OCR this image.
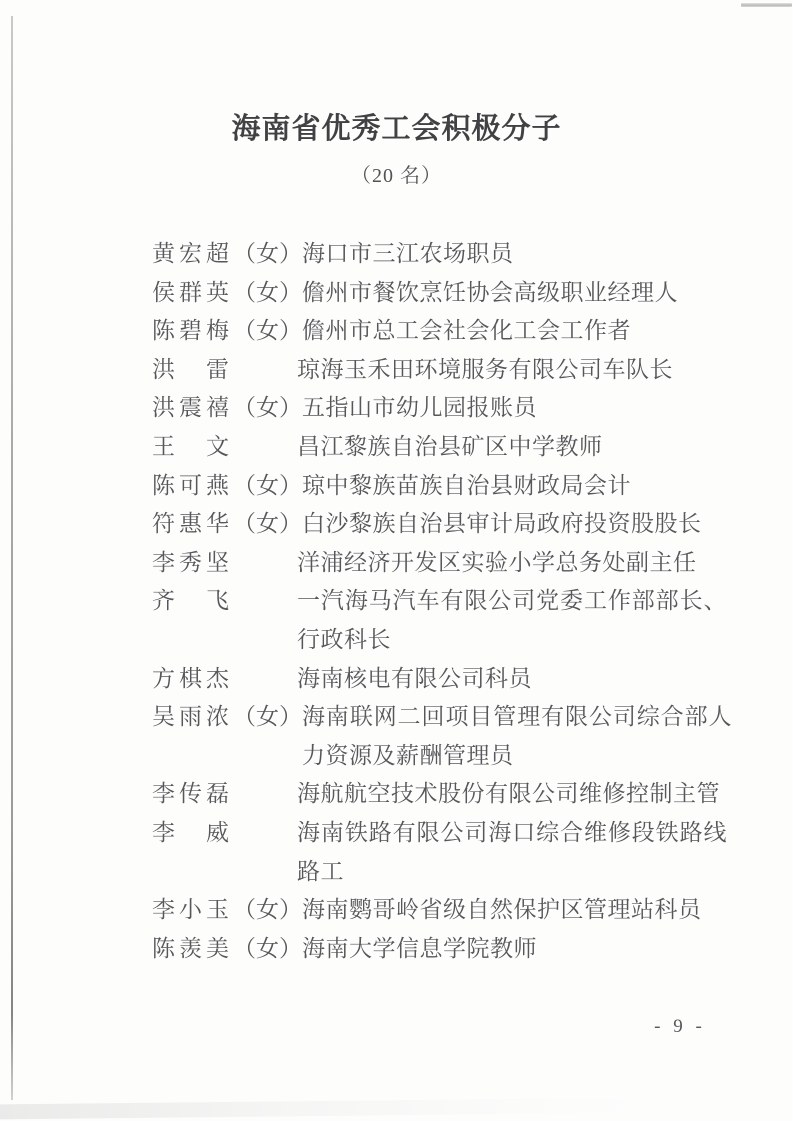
海南省优秀工会积极分子
（20 名）
黄宏超（女） 海口市三江农场职员
侯群英（女） 儋州市餐饮烹饪协会高级职业经理人
陈碧梅（女） 儋州市总工会社会化工会工作者
洪　雷	琼海玉禾田环境服务有限公司车队长
洪震禧（女） 五指山市幼儿园报账员
王　文	昌江黎族自治县矿区中学教师
陈可燕（女） 琼中黎族苗族自治县财政局会计
符惠华（女） 白沙黎族自治县审计局政府投资股股长
李秀坚	洋浦经济开发区实验小学总务处副主任
齐　飞	一汽海马汽车有限公司党委工作部部长、行政科长
方棋杰	海南核电有限公司科员
吴雨浓（女） 海南联网二回项目管理有限公司综合部人力资源及薪酬管理员
李传磊	海航航空技术股份有限公司维修控制主管
李　威	海南铁路有限公司海口综合维修段铁路线路工
李小玉（女） 海南鹦哥岭省级自然保护区管理站科员
陈羡美（女） 海南大学信息学院教师
- 9 -
